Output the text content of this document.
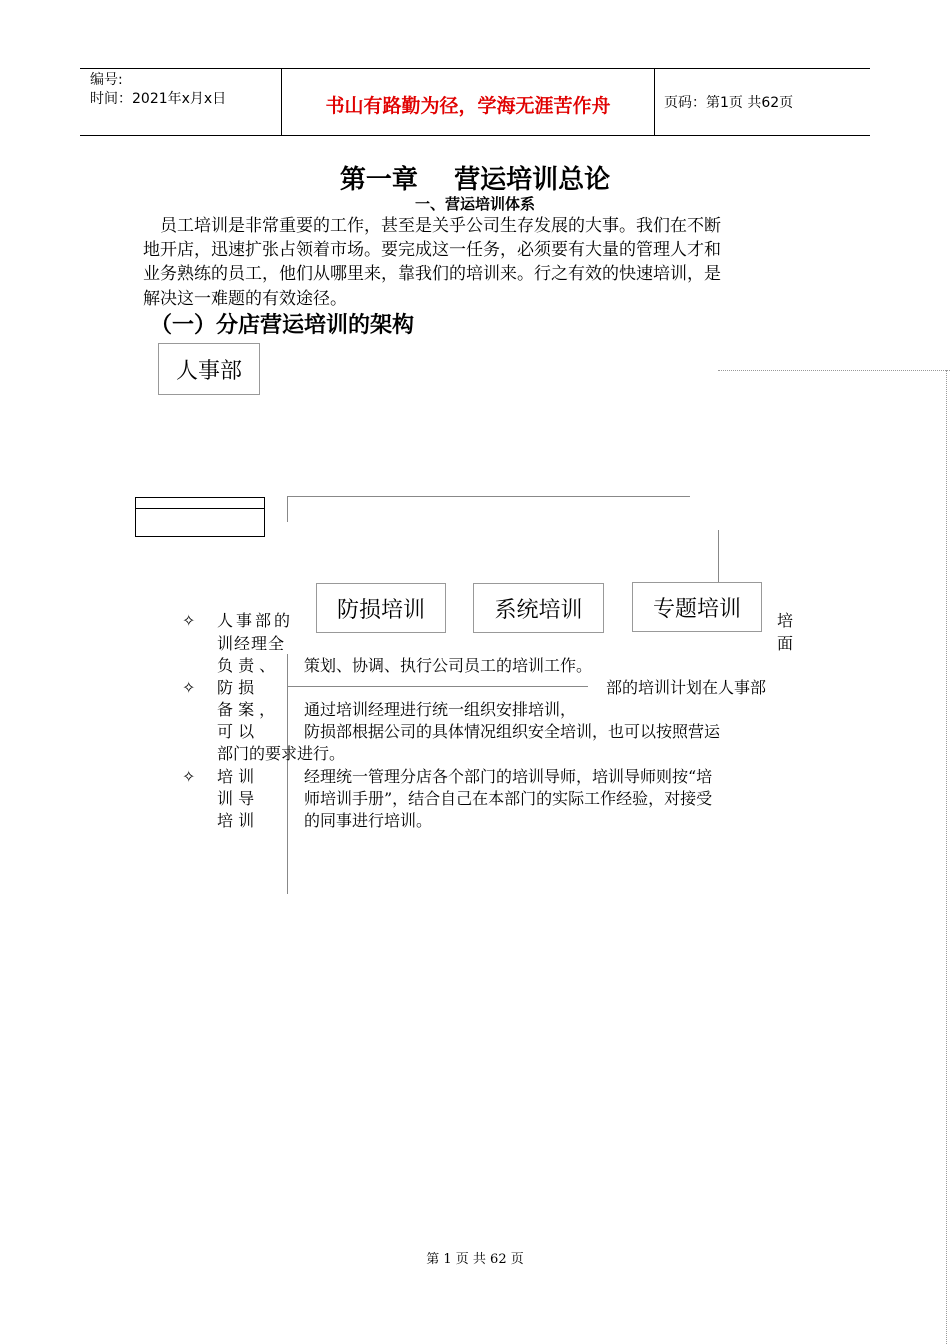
编号:
时间：2021年x月x日	书山有路勤为径，学海无涯苦作舟	页码：第1页 共62页
第一章    营运培训总论
一、营运培训体系
员工培训是非常重要的工作，甚至是关乎公司生存发展的大事。我们在不断
地开店，迅速扩张占领着市场。要完成这一任务，必须要有大量的管理人才和
业务熟练的员工，他们从哪里来，靠我们的培训来。行之有效的快速培训，是
解决这一难题的有效途径。
（一）分店营运培训的架构
人事部
防损培训	系统培训	专题培训
✧ 人事部的	培
训经理全	面
负 责 、 策划、协调、执行公司员工的培训工作。
✧ 防 损	部的培训计划在人事部
备 案 ， 通过培训经理进行统一组织安排培训，
可 以	防损部根据公司的具体情况组织安全培训，也可以按照营运
部门的要求进行。
✧ 培 训	经理统一管理分店各个部门的培训导师，培训导师则按“培
训 导	师培训手册”，结合自己在本部门的实际工作经验，对接受
培 训	的同事进行培训。
第 1 页 共 62 页
